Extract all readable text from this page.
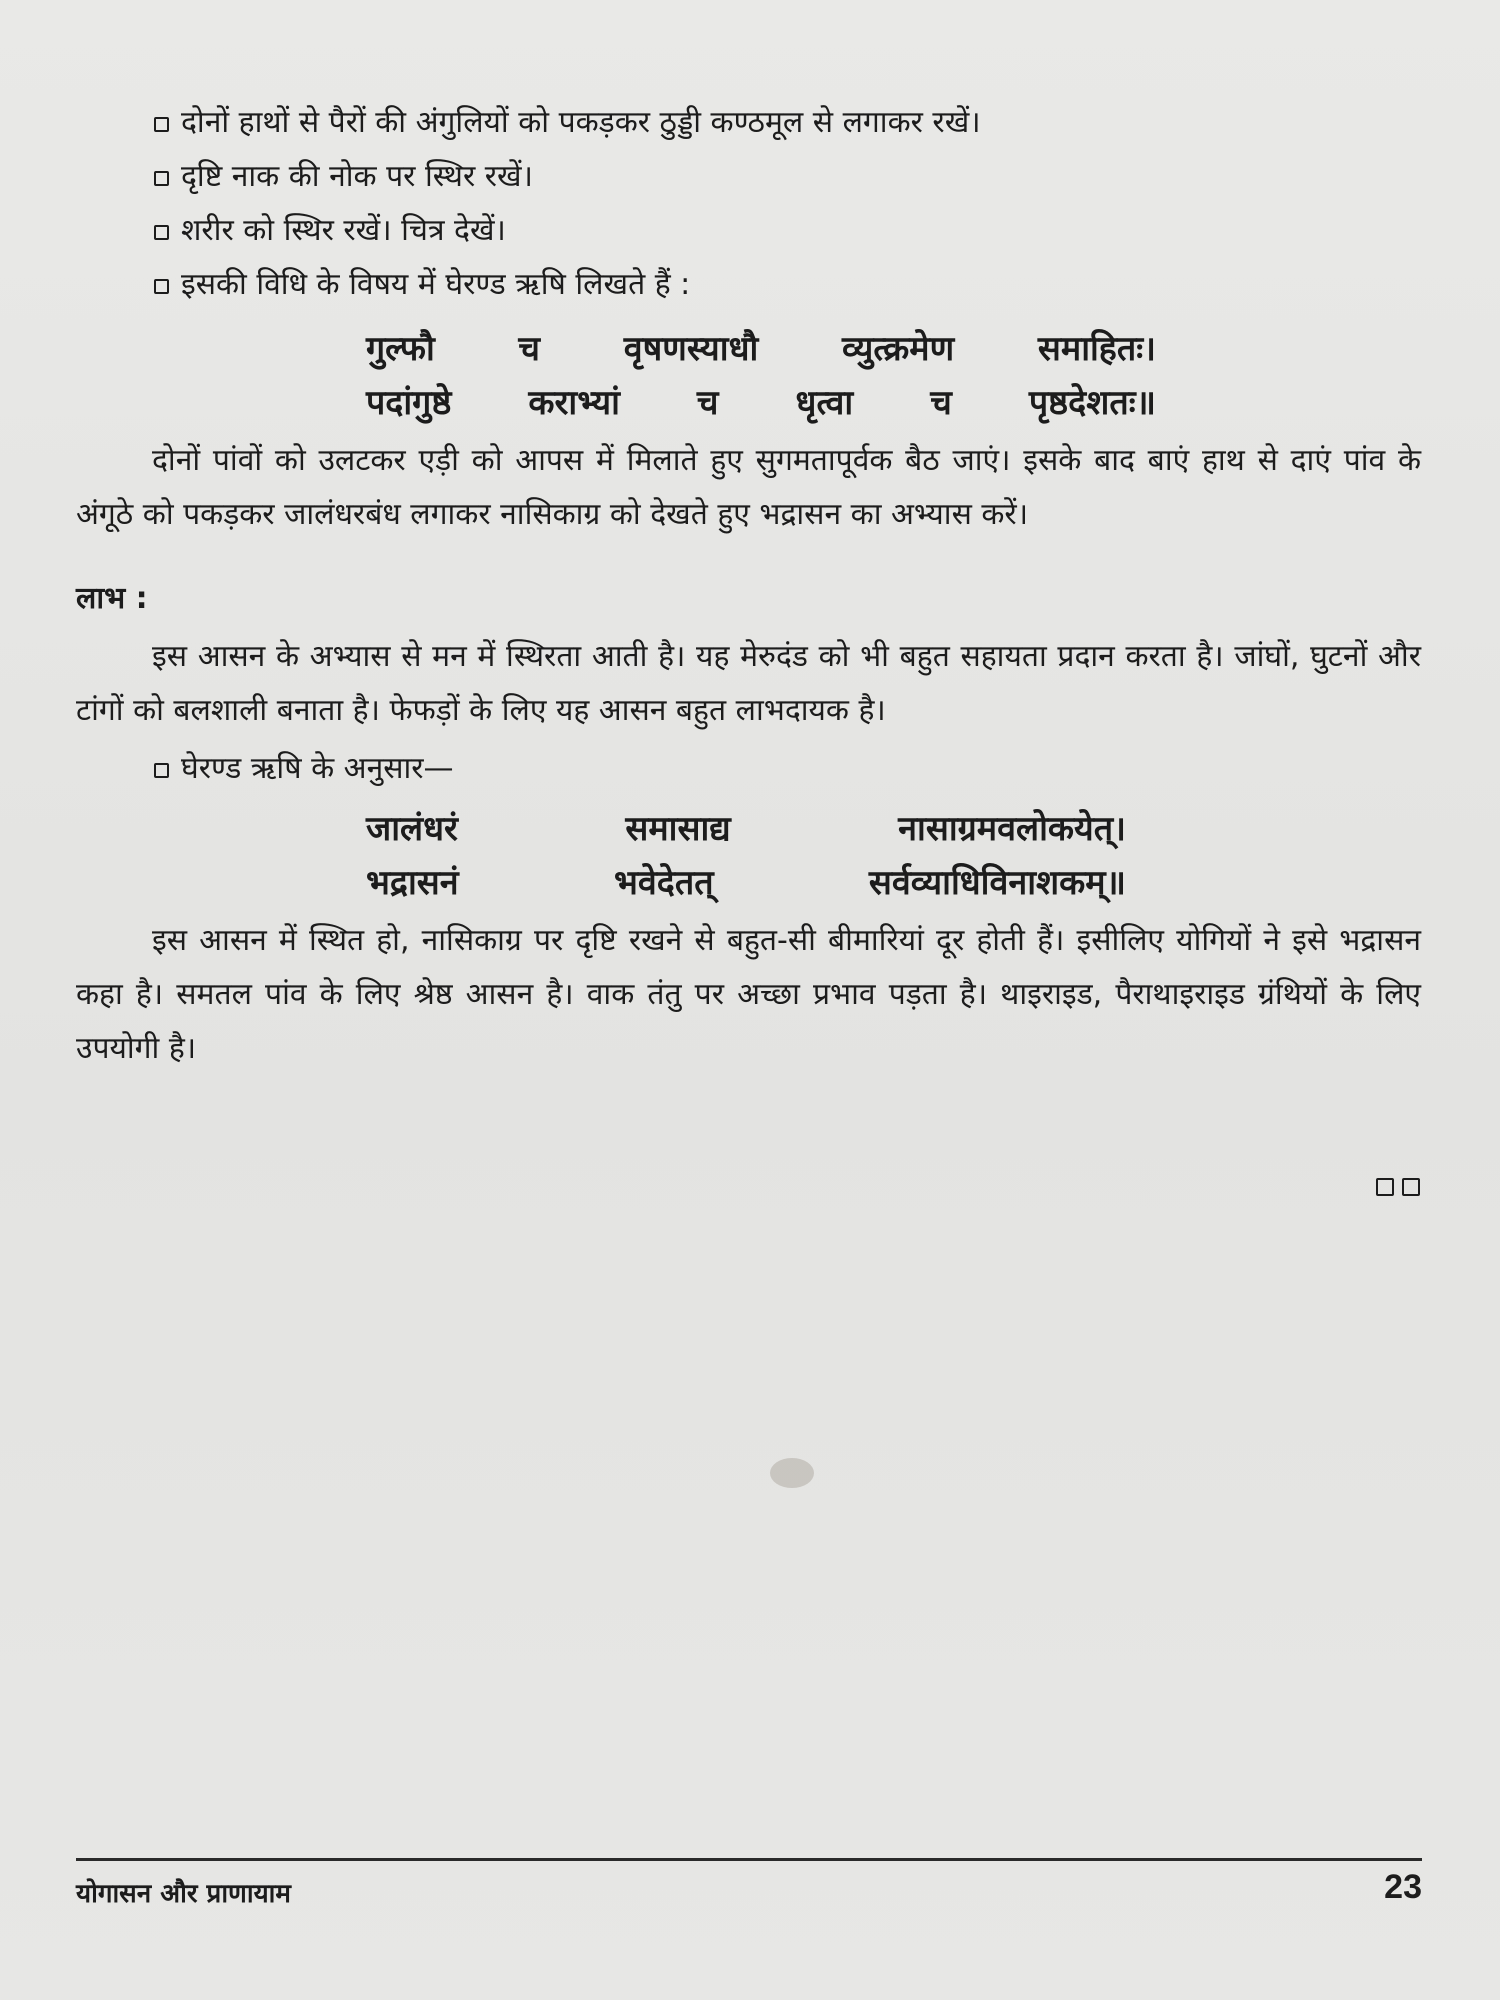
दोनों हाथों से पैरों की अंगुलियों को पकड़कर ठुड्डी कण्ठमूल से लगाकर रखें।
दृष्टि नाक की नोक पर स्थिर रखें।
शरीर को स्थिर रखें। चित्र देखें।
इसकी विधि के विषय में घेरण्ड ऋषि लिखते हैं :
गुल्फौ च वृषणस्याधौ व्युत्क्रमेण समाहितः।
पदांगुष्ठे कराभ्यां च धृत्वा च पृष्ठदेशतः॥

दोनों पांवों को उलटकर एड़ी को आपस में मिलाते हुए सुगमतापूर्वक बैठ जाएं। इसके बाद बाएं हाथ से दाएं पांव के अंगूठे को पकड़कर जालंधरबंध लगाकर नासिकाग्र को देखते हुए भद्रासन का अभ्यास करें।

लाभ :

इस आसन के अभ्यास से मन में स्थिरता आती है। यह मेरुदंड को भी बहुत सहायता प्रदान करता है। जांघों, घुटनों और टांगों को बलशाली बनाता है। फेफड़ों के लिए यह आसन बहुत लाभदायक है।

घेरण्ड ऋषि के अनुसार—
जालंधरं	समासाद्य	नासाग्रमवलोकयेत्।
भद्रासनं	भवेदेतत्	सर्वव्याधिविनाशकम्॥

इस आसन में स्थित हो, नासिकाग्र पर दृष्टि रखने से बहुत-सी बीमारियां दूर होती हैं। इसीलिए योगियों ने इसे भद्रासन कहा है। समतल पांव के लिए श्रेष्ठ आसन है। वाक तंतु पर अच्छा प्रभाव पड़ता है। थाइराइड, पैराथाइराइड ग्रंथियों के लिए उपयोगी है।

योगासन और प्राणायाम	23
